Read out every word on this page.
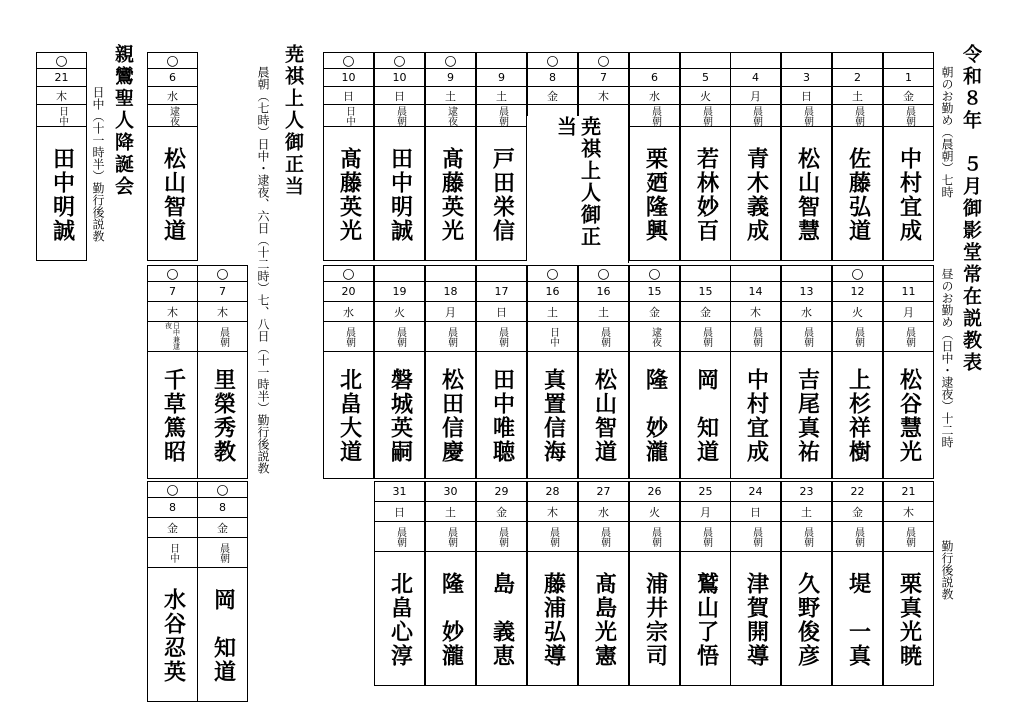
令和８年　５月御影堂常在説教表
朝のお勤め（晨朝）七時
昼のお勤め（日中・逮夜）十二時
勤行後説教
尭祺上人御正当
晨朝（七時）日中・逮夜、六日（十二時）七、八日（十一時半）勤行後説教
親鸞聖人降誕会
日中（十一時半）勤行後説教
1
金
晨朝
中村宜成
2
土
晨朝
佐藤弘道
3
日
晨朝
松山智慧
4
月
晨朝
青木義成
5
火
晨朝
若林妙百
6
水
晨朝
栗廼隆興
○
7
木
○
8
金
9
土
晨朝
戸田栄信
○
9
土
逮夜
髙藤英光
○
10
日
晨朝
田中明誠
○
10
日
日中
髙藤英光
11
月
晨朝
松谷慧光
○
12
火
晨朝
上杉祥樹
13
水
晨朝
吉尾真祐
14
木
晨朝
中村宜成
15
金
晨朝
岡　知道
○
15
金
逮夜
隆　妙瀧
○
16
土
晨朝
松山智道
○
16
土
日中
真置信海
17
日
晨朝
田中唯聴
18
月
晨朝
松田信慶
19
火
晨朝
磐城英嗣
○
20
水
晨朝
北畠大道
21
木
晨朝
栗真光暁
22
金
晨朝
堤　一真
23
土
晨朝
久野俊彦
24
日
晨朝
津賀開導
25
月
晨朝
鷲山了悟
26
火
晨朝
浦井宗司
27
水
晨朝
髙島光憲
28
木
晨朝
藤浦弘導
29
金
晨朝
島　義恵
30
土
晨朝
隆　妙瀧
31
日
晨朝
北畠心淳
○
6
水
逮夜
松山智道
○
7
木
晨朝
里榮秀教
○
7
木
日中兼逮夜
千草篤昭
○
8
金
晨朝
岡　知道
○
8
金
日中
水谷忍英
○
21
木
日中
田中明誠	尭祺上人御正当
